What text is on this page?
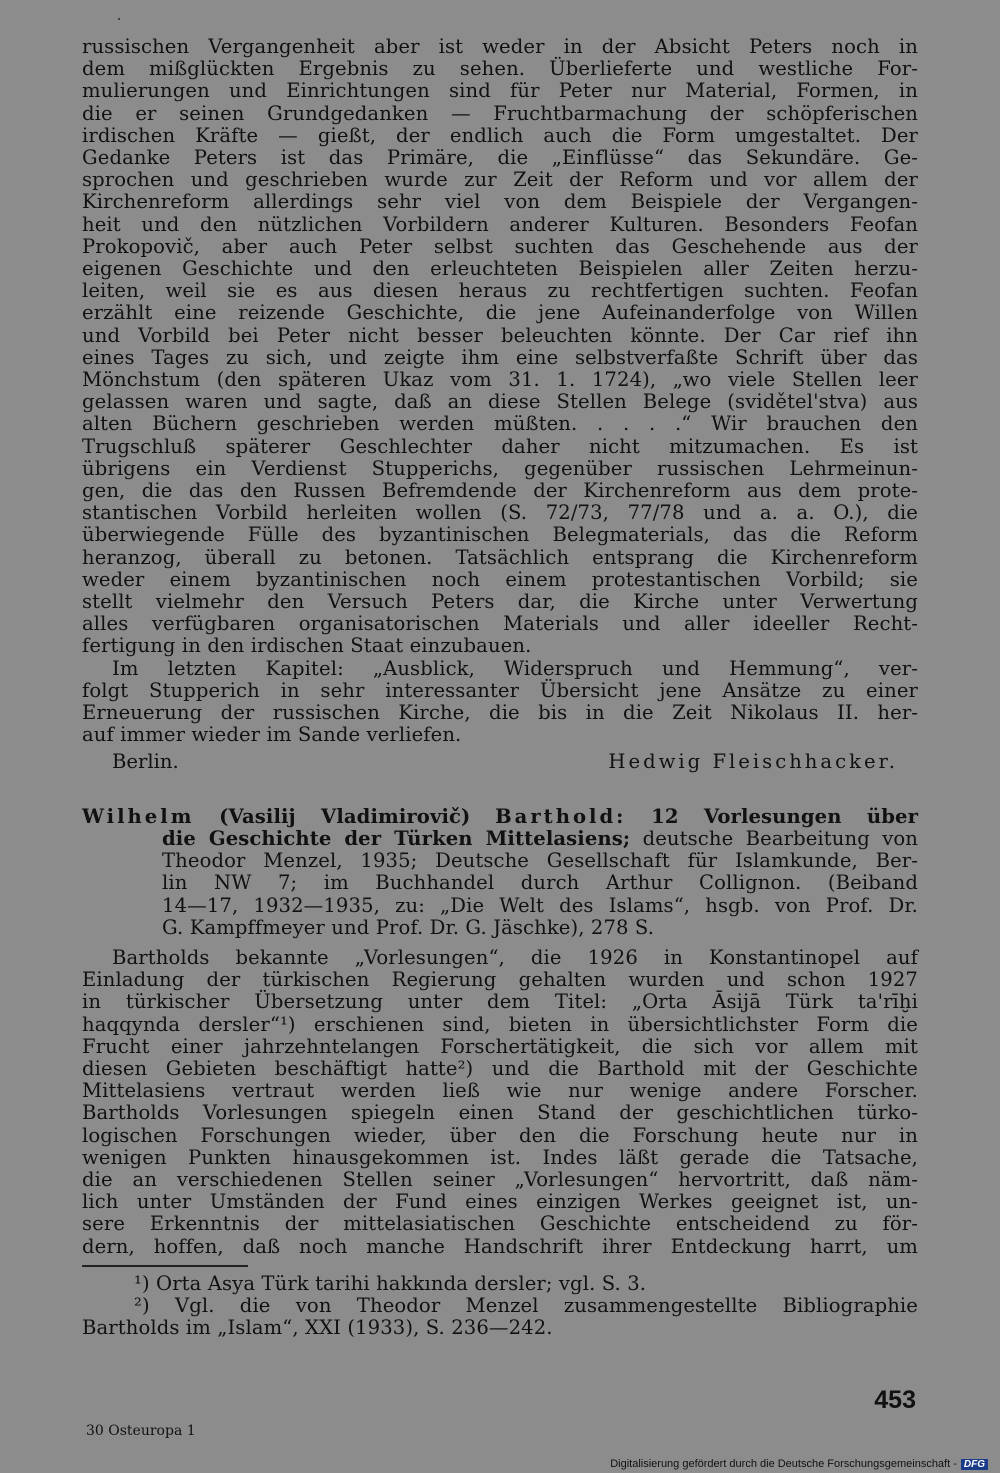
russischen Vergangenheit aber ist weder in der Absicht Peters noch in
dem mißglückten Ergebnis zu sehen. Überlieferte und westliche For-
mulierungen und Einrichtungen sind für Peter nur Material, Formen, in
die er seinen Grundgedanken — Fruchtbarmachung der schöpferischen
irdischen Kräfte — gießt, der endlich auch die Form umgestaltet. Der
Gedanke Peters ist das Primäre, die „Einflüsse“ das Sekundäre. Ge-
sprochen und geschrieben wurde zur Zeit der Reform und vor allem der
Kirchenreform allerdings sehr viel von dem Beispiele der Vergangen-
heit und den nützlichen Vorbildern anderer Kulturen. Besonders Feofan
Prokopovič, aber auch Peter selbst suchten das Geschehende aus der
eigenen Geschichte und den erleuchteten Beispielen aller Zeiten herzu-
leiten, weil sie es aus diesen heraus zu rechtfertigen suchten. Feofan
erzählt eine reizende Geschichte, die jene Aufeinanderfolge von Willen
und Vorbild bei Peter nicht besser beleuchten könnte. Der Car rief ihn
eines Tages zu sich, und zeigte ihm eine selbstverfaßte Schrift über das
Mönchstum (den späteren Ukaz vom 31. 1. 1724), „wo viele Stellen leer
gelassen waren und sagte, daß an diese Stellen Belege (svidětel'stva) aus
alten Büchern geschrieben werden müßten. . . . .“ Wir brauchen den
Trugschluß späterer Geschlechter daher nicht mitzumachen. Es ist
übrigens ein Verdienst Stupperichs, gegenüber russischen Lehrmeinun-
gen, die das den Russen Befremdende der Kirchenreform aus dem prote-
stantischen Vorbild herleiten wollen (S. 72/73, 77/78 und a. a. O.), die
überwiegende Fülle des byzantinischen Belegmaterials, das die Reform
heranzog, überall zu betonen. Tatsächlich entsprang die Kirchenreform
weder einem byzantinischen noch einem protestantischen Vorbild; sie
stellt vielmehr den Versuch Peters dar, die Kirche unter Verwertung
alles verfügbaren organisatorischen Materials und aller ideeller Recht-
fertigung in den irdischen Staat einzubauen.
Im letzten Kapitel: „Ausblick, Widerspruch und Hemmung“, ver-
folgt Stupperich in sehr interessanter Übersicht jene Ansätze zu einer
Erneuerung der russischen Kirche, die bis in die Zeit Nikolaus II. her-
auf immer wieder im Sande verliefen.
Berlin.	Hedwig Fleischhacker.
Wilhelm (Vasilij Vladimirovič) Barthold: 12 Vorlesungen über
die Geschichte der Türken Mittelasiens; deutsche Bearbeitung von
Theodor Menzel, 1935; Deutsche Gesellschaft für Islamkunde, Ber-
lin NW 7; im Buchhandel durch Arthur Collignon. (Beiband
14—17, 1932—1935, zu: „Die Welt des Islams“, hsgb. von Prof. Dr.
G. Kampffmeyer und Prof. Dr. G. Jäschke), 278 S.
Bartholds bekannte „Vorlesungen“, die 1926 in Konstantinopel auf
Einladung der türkischen Regierung gehalten wurden und schon 1927
in türkischer Übersetzung unter dem Titel: „Orta Āsijā Türk ta'rīḫi
haqqynda dersler“¹) erschienen sind, bieten in übersichtlichster Form die
Frucht einer jahrzehntelangen Forschertätigkeit, die sich vor allem mit
diesen Gebieten beschäftigt hatte²) und die Barthold mit der Geschichte
Mittelasiens vertraut werden ließ wie nur wenige andere Forscher.
Bartholds Vorlesungen spiegeln einen Stand der geschichtlichen türko-
logischen Forschungen wieder, über den die Forschung heute nur in
wenigen Punkten hinausgekommen ist. Indes läßt gerade die Tatsache,
die an verschiedenen Stellen seiner „Vorlesungen“ hervortritt, daß näm-
lich unter Umständen der Fund eines einzigen Werkes geeignet ist, un-
sere Erkenntnis der mittelasiatischen Geschichte entscheidend zu för-
dern, hoffen, daß noch manche Handschrift ihrer Entdeckung harrt, um
¹) Orta Asya Türk tarihi hakkında dersler; vgl. S. 3.
²) Vgl. die von Theodor Menzel zusammengestellte Bibliographie
Bartholds im „Islam“, XXI (1933), S. 236—242.
453
30 Osteuropa 1
Digitalisierung gefördert durch die Deutsche Forschungsgemeinschaft - DFG
